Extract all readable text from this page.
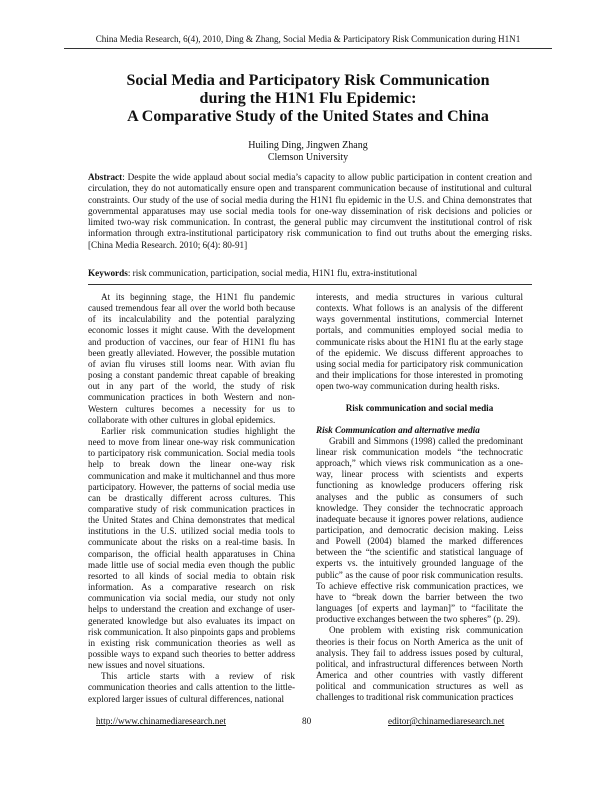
China Media Research, 6(4), 2010, Ding & Zhang, Social Media & Participatory Risk Communication during H1N1
Social Media and Participatory Risk Communication
during the H1N1 Flu Epidemic:
A Comparative Study of the United States and China
Huiling Ding, Jingwen Zhang
Clemson University

Abstract: Despite the wide applaud about social media’s capacity to allow public participation in content creation and circulation, they do not automatically ensure open and transparent communication because of institutional and cultural constraints. Our study of the use of social media during the H1N1 flu epidemic in the U.S. and China demonstrates that governmental apparatuses may use social media tools for one-way dissemination of risk decisions and policies or limited two-way risk communication. In contrast, the general public may circumvent the institutional control of risk information through extra-institutional participatory risk communication to find out truths about the emerging risks. [China Media Research. 2010; 6(4): 80-91]

Keywords: risk communication, participation, social media, H1N1 flu, extra-institutional

At its beginning stage, the H1N1 flu pandemic caused tremendous fear all over the world both because of its incalculability and the potential paralyzing economic losses it might cause. With the development and production of vaccines, our fear of H1N1 flu has been greatly alleviated. However, the possible mutation of avian flu viruses still looms near. With avian flu posing a constant pandemic threat capable of breaking out in any part of the world, the study of risk communication practices in both Western and non-Western cultures becomes a necessity for us to collaborate with other cultures in global epidemics.

Earlier risk communication studies highlight the need to move from linear one-way risk communication to participatory risk communication. Social media tools help to break down the linear one-way risk communication and make it multichannel and thus more participatory. However, the patterns of social media use can be drastically different across cultures. This comparative study of risk communication practices in the United States and China demonstrates that medical institutions in the U.S. utilized social media tools to communicate about the risks on a real-time basis. In comparison, the official health apparatuses in China made little use of social media even though the public resorted to all kinds of social media to obtain risk information. As a comparative research on risk communication via social media, our study not only helps to understand the creation and exchange of user-generated knowledge but also evaluates its impact on risk communication. It also pinpoints gaps and problems in existing risk communication theories as well as possible ways to expand such theories to better address new issues and novel situations.

This article starts with a review of risk communication theories and calls attention to the little-explored larger issues of cultural differences, national

interests, and media structures in various cultural contexts. What follows is an analysis of the different ways governmental institutions, commercial Internet portals, and communities employed social media to communicate risks about the H1N1 flu at the early stage of the epidemic. We discuss different approaches to using social media for participatory risk communication and their implications for those interested in promoting open two-way communication during health risks.

Risk communication and social media

Risk Communication and alternative media

Grabill and Simmons (1998) called the predominant linear risk communication models “the technocratic approach,” which views risk communication as a one-way, linear process with scientists and experts functioning as knowledge producers offering risk analyses and the public as consumers of such knowledge. They consider the technocratic approach inadequate because it ignores power relations, audience participation, and democratic decision making. Leiss and Powell (2004) blamed the marked differences between the “the scientific and statistical language of experts vs. the intuitively grounded language of the public” as the cause of poor risk communication results. To achieve effective risk communication practices, we have to “break down the barrier between the two languages [of experts and layman]” to “facilitate the productive exchanges between the two spheres” (p. 29).

One problem with existing risk communication theories is their focus on North America as the unit of analysis. They fail to address issues posed by cultural, political, and infrastructural differences between North America and other countries with vastly different political and communication structures as well as challenges to traditional risk communication practices

http://www.chinamediaresearch.net	80	editor@chinamediaresearch.net
